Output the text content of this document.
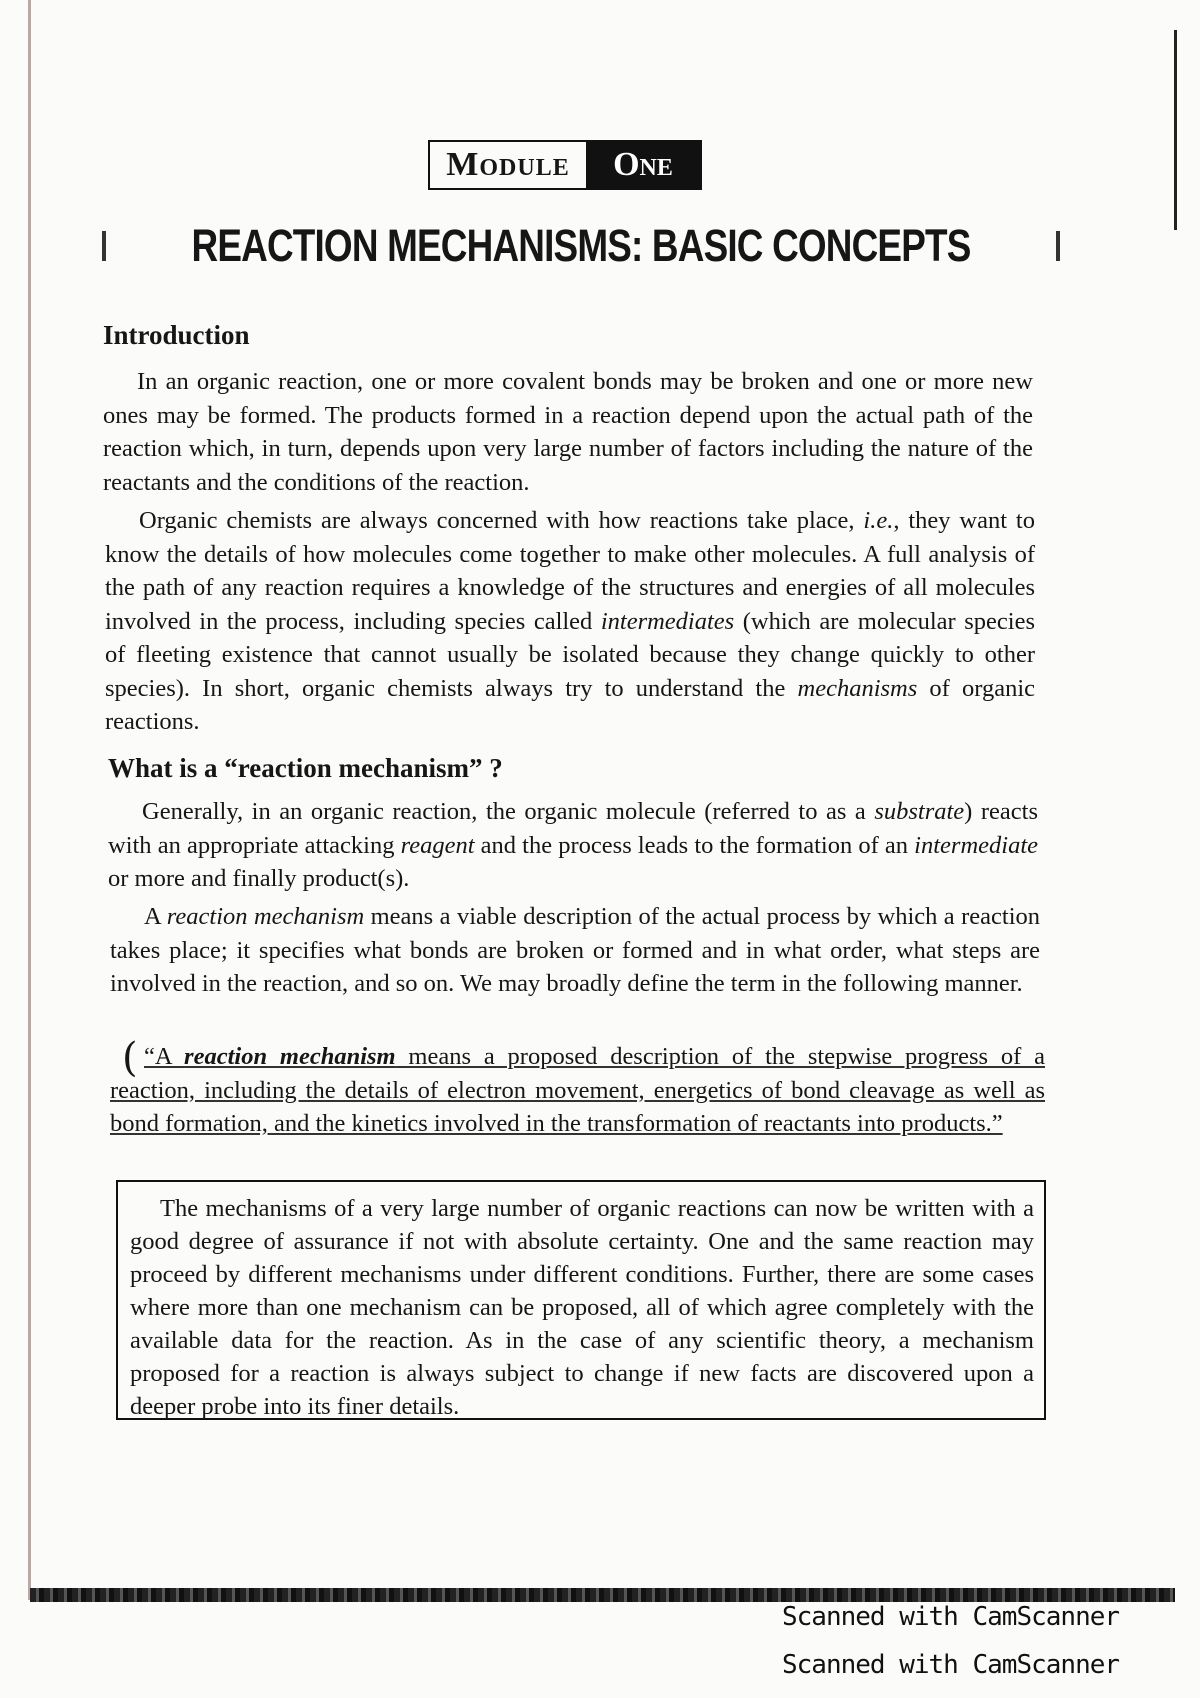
Module	One
REACTION MECHANISMS: BASIC CONCEPTS
Introduction

In an organic reaction, one or more covalent bonds may be broken and one or more new ones may be formed. The products formed in a reaction depend upon the actual path of the reaction which, in turn, depends upon very large number of factors including the nature of the reactants and the conditions of the reaction.

Organic chemists are always concerned with how reactions take place, i.e., they want to know the details of how molecules come together to make other molecules. A full analysis of the path of any reaction requires a knowledge of the structures and energies of all molecules involved in the process, including species called intermediates (which are molecular species of fleeting existence that cannot usually be isolated because they change quickly to other species). In short, organic chemists always try to understand the mechanisms of organic reactions.

What is a “reaction mechanism” ?

Generally, in an organic reaction, the organic molecule (referred to as a substrate) reacts with an appropriate attacking reagent and the process leads to the formation of an intermediate or more and finally product(s).

A reaction mechanism means a viable description of the actual process by which a reaction takes place; it specifies what bonds are broken or formed and in what order, what steps are involved in the reaction, and so on. We may broadly define the term in the following manner.

( “A reaction mechanism means a proposed description of the stepwise progress of a reaction, including the details of electron movement, energetics of bond cleavage as well as bond formation, and the kinetics involved in the transformation of reactants into products.”

The mechanisms of a very large number of organic reactions can now be written with a good degree of assurance if not with absolute certainty. One and the same reaction may proceed by different mechanisms under different conditions. Further, there are some cases where more than one mechanism can be proposed, all of which agree completely with the available data for the reaction. As in the case of any scientific theory, a mechanism proposed for a reaction is always subject to change if new facts are discovered upon a deeper probe into its finer details.

Scanned with CamScanner
Scanned with CamScanner
